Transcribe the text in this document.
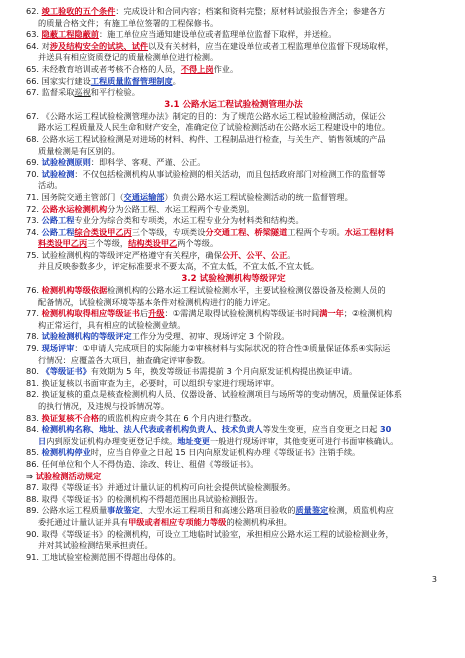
62. 竣工验收的五个条件：完成设计和合同内容；档案和资料完整；原材料试验报告齐全；参建各方
的质量合格文件；有施工单位签署的工程保修书。
63. 隐蔽工程隐蔽前：施工单位应当通知建设单位或者监理单位监督下取样，并送检。
64. 对涉及结构安全的试块、试件以及有关材料，应当在建设单位或者工程监理单位监督下现场取样，
并送具有相应资质登记的质量检测单位进行检测。
65. 未经教育培训或者考核不合格的人员，不得上岗作业。
66. 国家实行建设工程质量监督管理制度。
67. 监督采取巡视和平行检验。
3.1 公路水运工程试验检测管理办法
67. 《公路水运工程试验检测管理办法》制定的目的：为了规范公路水运工程试验检测活动，保证公
路水运工程质量及人民生命和财产安全，准确定位了试验检测活动在公路水运工程建设中的地位。
68. 公路水运工程试验检测是对进场的材料、构件、工程制品进行检查，与关生产、销售领域的产品
质量检测是有区别的。
69. 试验检测原则：即科学、客观、严谨、公正。
70. 试验检测：不仅包括检测机构从事试验检测的相关活动，而且包括政府部门对检测工作的监督等
活动。
71. 国务院交通主管部门（交通运输部）负责公路水运工程试验检测活动的统一监督管理。
72. 公路水运检测机构分为公路工程、水运工程两个专业类别。
73. 公路工程专业分为综合类和专项类，水运工程专业分为材料类和结构类。
74. 公路工程综合类设甲乙丙三个等级，专项类设分交通工程、桥梁隧道工程两个专项。水运工程材料
料类设甲乙丙三个等级，结构类设甲乙两个等级。
75. 试验检测机构的等级评定严格遵守有关程序，确保公开、公平、公正。
并且反映参数多少，评定标准要求不要太高，不宜太低，不宜太低,不宜太低。
3.2 试验检测机构等级评定
76. 检测机构等级依据检测机构的公路水运工程试验检测水平，主要试验检测仪器设备及检测人员的
配备情况，试验检测环境等基本条件对检测机构进行的能力评定。
77. 检测机构取得相应等级证书后升级：①需满足取得试验检测机构等级证书时间满一年；②检测机构
构正常运行，具有相应的试验检测业绩。
78. 试验检测机构的等级评定工作分为受理、初审、现场评定 3 个阶段。
79. 现场评审：①申请人完成项目的实际能力②审核材料与实际状况的符合性③质量保证体系④实际运
行情况：应覆盖各大项目，抽查确定评审参数。
80. 《等级证书》有效期为 5 年，换发等级证书需提前 3 个月向原发证机构提出换证申请。
81. 换证复核以书面审查为主，必要时，可以组织专家进行现场评审。
82. 换证复核的重点是核查检测机构人员、仪器设备、试验检测项目与场所等的变动情况，质量保证体系
的执行情况，及违规与投诉情况等。
83. 换证复核不合格的质监机构应责令其在 6 个月内进行整改。
84. 检测机构名称、地址、法人代表或者机构负责人、技术负责人等发生变更，应当自变更之日起 30
日内到原发证机构办理变更登记手续。地址变更一般进行现场评审，其他变更可进行书面审核确认。
85. 检测机构停业时，应当自停业之日起 15 日内向原发证机构办理《等级证书》注销手续。
86. 任何单位和个人不得伪造、涂改、转让、租借《等级证书》。
⇒ 试验检测活动规定
87. 取得《等级证书》并通过计量认证的机构可向社会提供试验检测服务。
88. 取得《等级证书》的检测机构不得超范围出具试验检测报告。
89. 公路水运工程质量事故鉴定、大型水运工程项目和高速公路项目验收的质量鉴定检测，质监机构应
委托通过计量认证并具有甲级或者相应专项能力等级的检测机构承担。
90. 取得《等级证书》的检测机构，可设立工地临时试验室，承担相应公路水运工程的试验检测业务，
并对其试验检测结果承担责任。
91. 工地试验室检测范围不得超出母体的。
3
